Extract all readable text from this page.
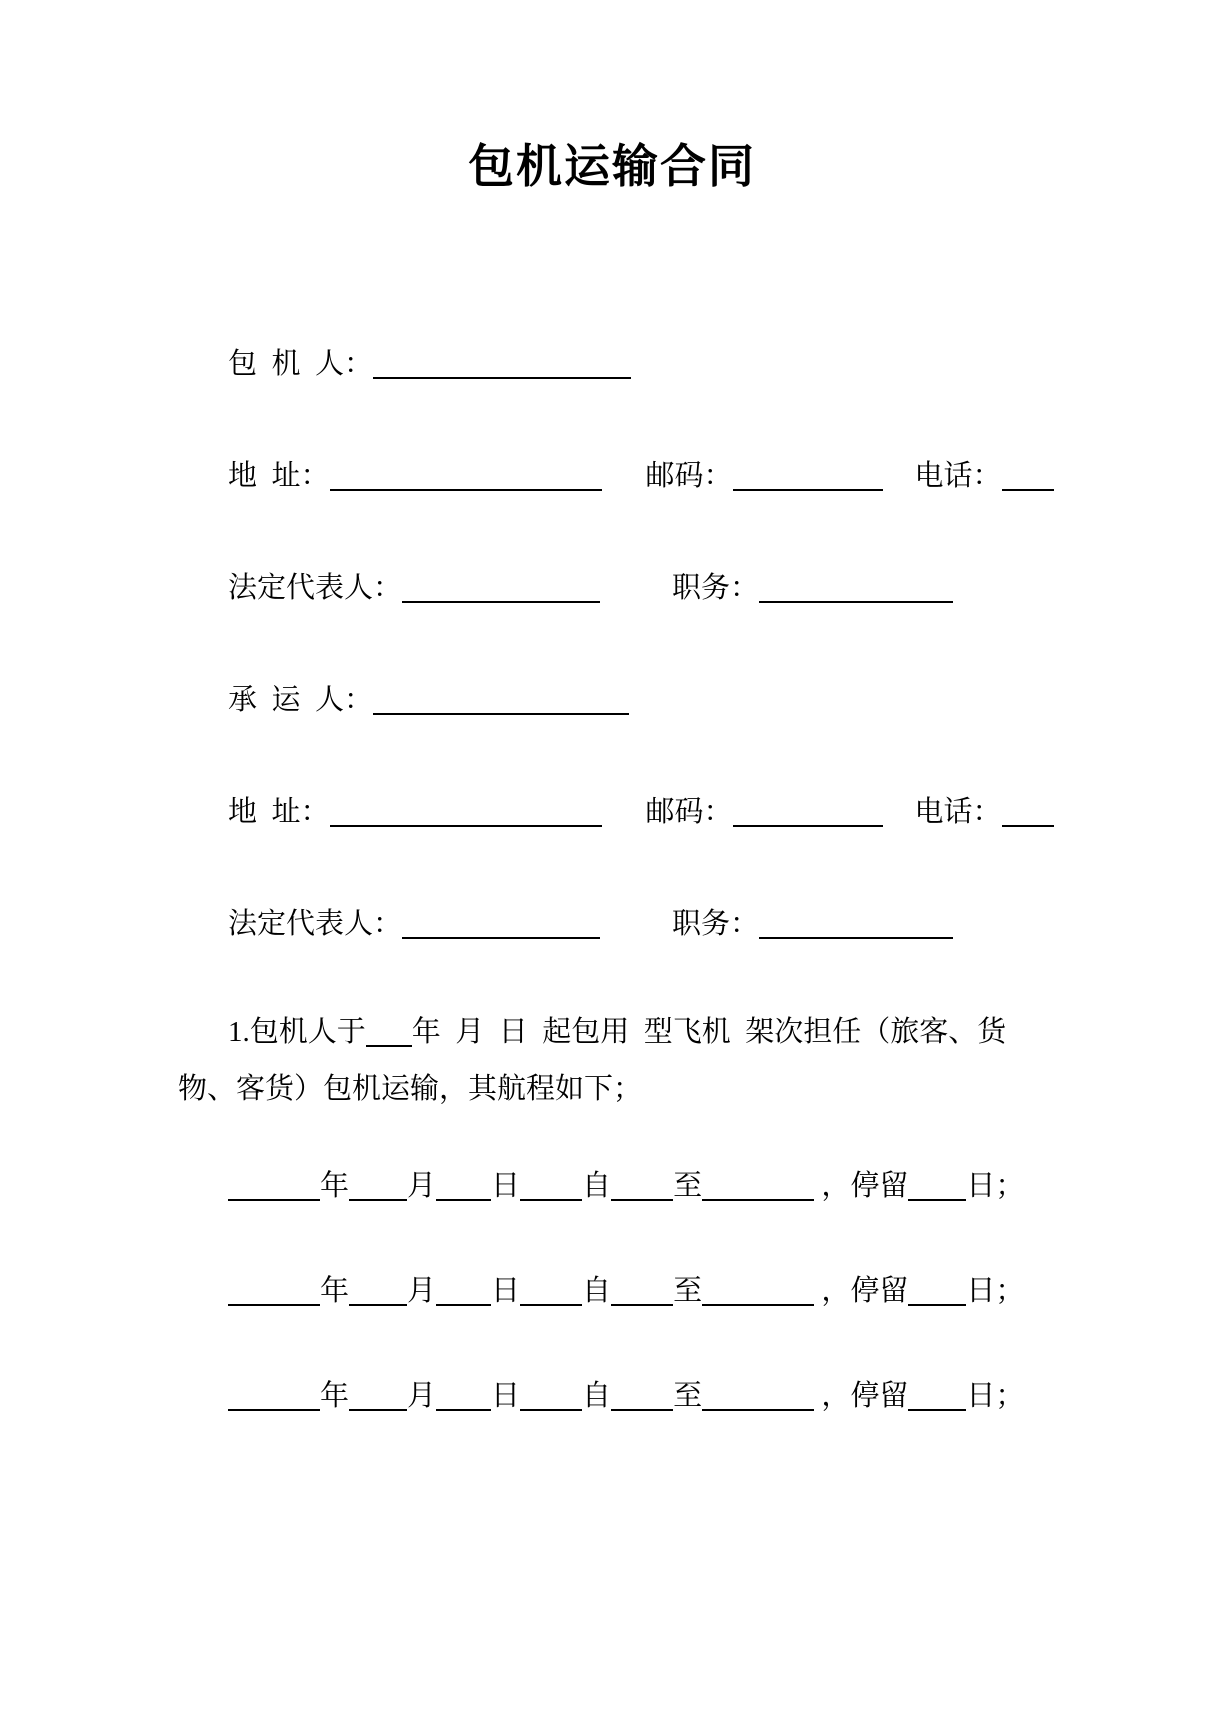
包机运输合同
包  机  人：
地  址：	邮码：	电话：
法定代表人：	职务：
承  运  人：
地  址：	邮码：	电话：
法定代表人：	职务：
1.包机人于 年  月  日  起包用  型飞机  架次担任（旅客、货物、客货）包机运输，其航程如下；
年 月 日 自 至	，停留 日；
年 月 日 自 至	，停留 日；
年 月 日 自 至	，停留 日；
